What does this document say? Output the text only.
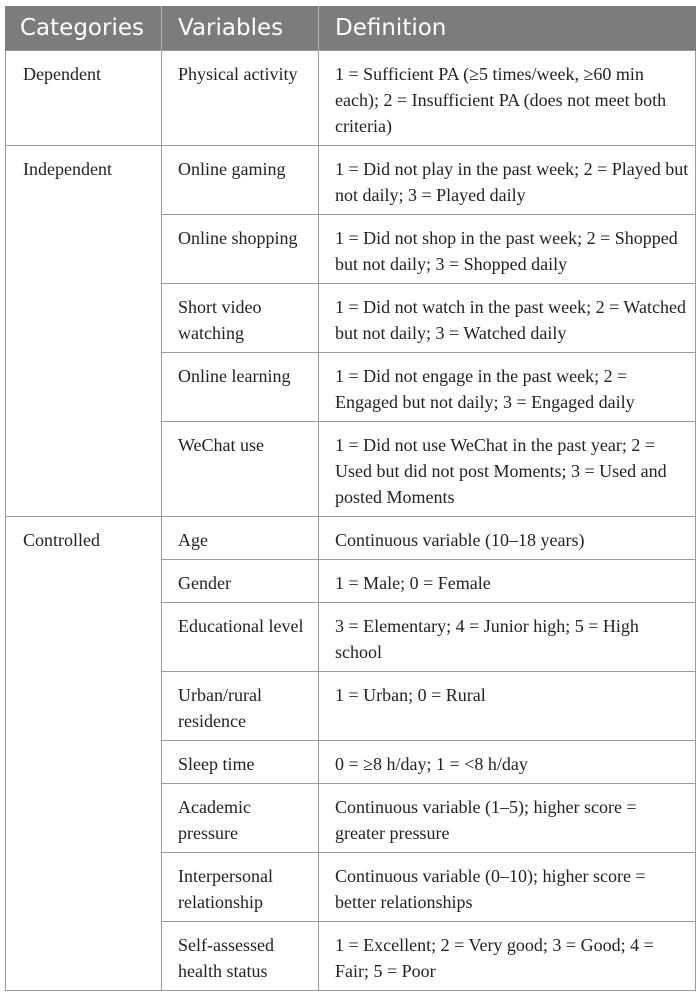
Categories	Variables	Definition
Dependent	Physical activity	1 = Sufficient PA (≥5 times/week, ≥60 min each); 2 = Insufficient PA (does not meet both criteria)
Independent	Online gaming	1 = Did not play in the past week; 2 = Played but not daily; 3 = Played daily
	Online shopping	1 = Did not shop in the past week; 2 = Shopped but not daily; 3 = Shopped daily
	Short video watching	1 = Did not watch in the past week; 2 = Watched but not daily; 3 = Watched daily
	Online learning	1 = Did not engage in the past week; 2 = Engaged but not daily; 3 = Engaged daily
	WeChat use	1 = Did not use WeChat in the past year; 2 = Used but did not post Moments; 3 = Used and posted Moments
Controlled	Age	Continuous variable (10–18 years)
	Gender	1 = Male; 0 = Female
	Educational level	3 = Elementary; 4 = Junior high; 5 = High school
	Urban/rural residence	1 = Urban; 0 = Rural
	Sleep time	0 = ≥8 h/day; 1 = <8 h/day
	Academic pressure	Continuous variable (1–5); higher score = greater pressure
	Interpersonal relationship	Continuous variable (0–10); higher score = better relationships
	Self-assessed health status	1 = Excellent; 2 = Very good; 3 = Good; 4 = Fair; 5 = Poor
